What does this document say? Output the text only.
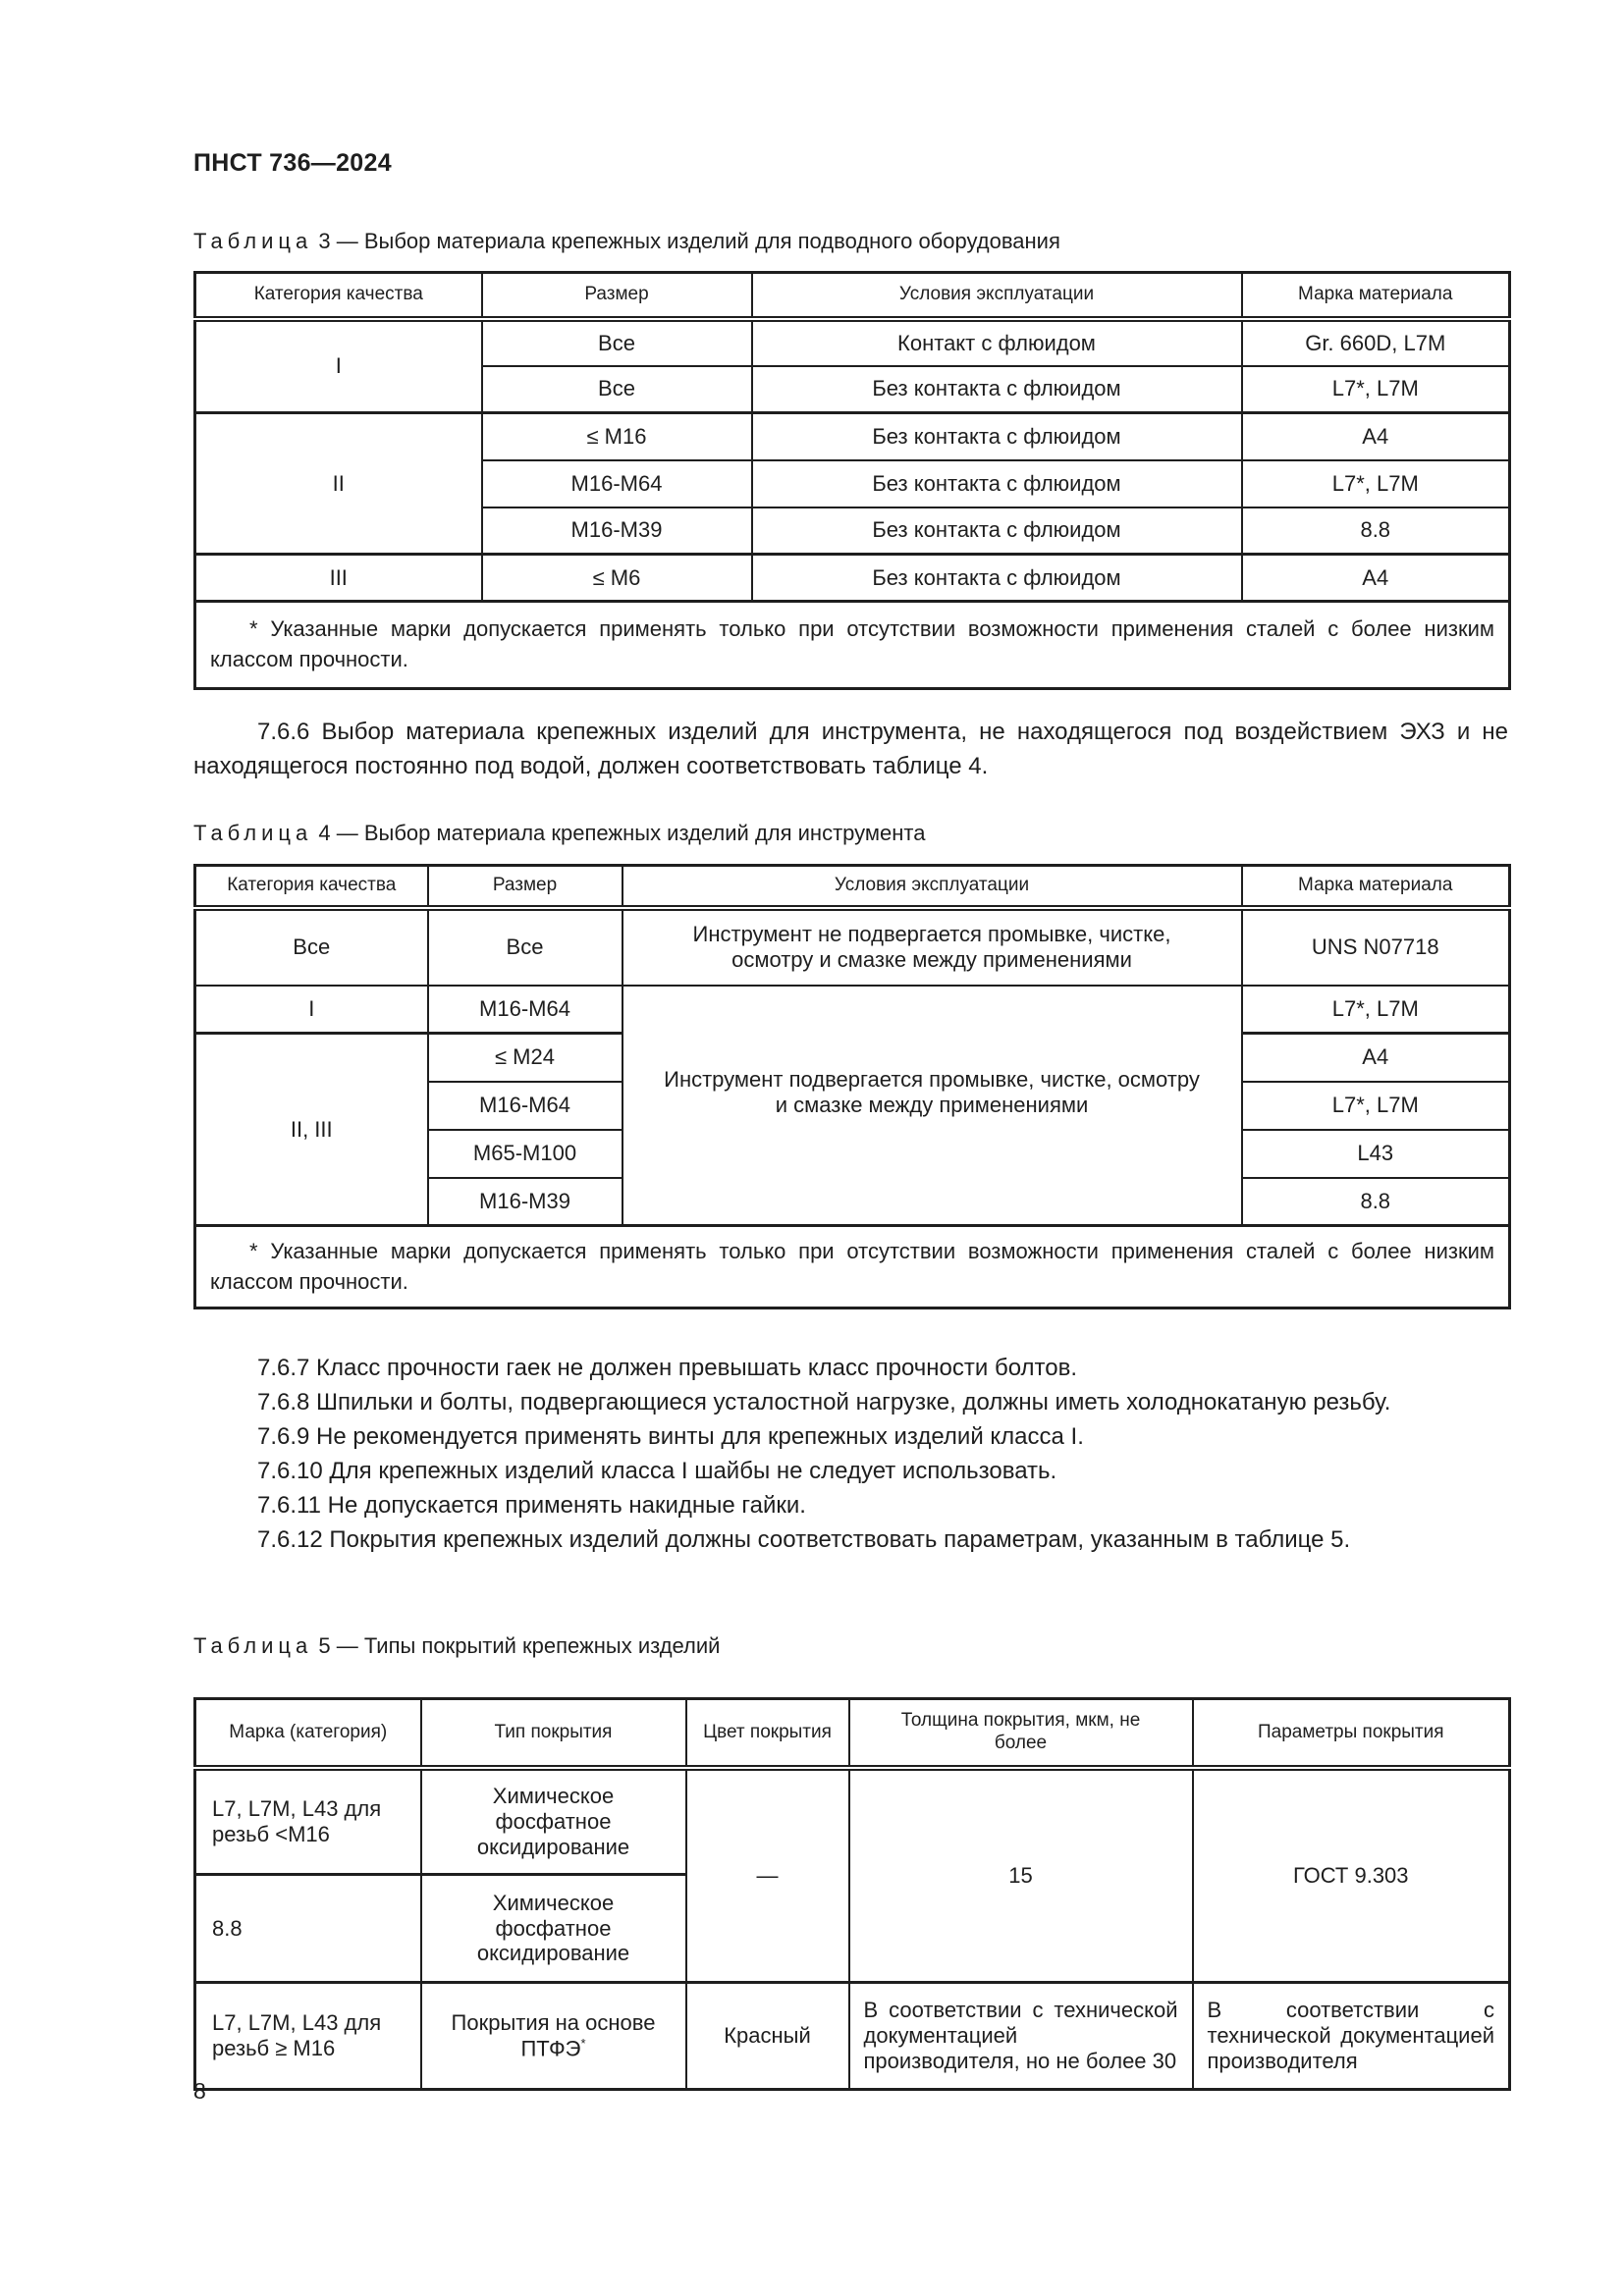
ПНСТ 736—2024
Таблица 3 — Выбор материала крепежных изделий для подводного оборудования
Категория качества	Размер	Условия эксплуатации	Марка материала
I	Все	Контакт с флюидом	Gr. 660D, L7M
	Все	Без контакта с флюидом	L7*, L7M
II	≤ M16	Без контакта с флюидом	A4
	M16-M64	Без контакта с флюидом	L7*, L7M
	M16-M39	Без контакта с флюидом	8.8
III	≤ M6	Без контакта с флюидом	A4
* Указанные марки допускается применять только при отсутствии возможности применения сталей с более низким классом прочности.			
7.6.6 Выбор материала крепежных изделий для инструмента, не находящегося под воздействием ЭХЗ и не находящегося постоянно под водой, должен соответствовать таблице 4.
Таблица 4 — Выбор материала крепежных изделий для инструмента
Категория качества	Размер	Условия эксплуатации	Марка материала
Все	Все	Инструмент не подвергается промывке, чистке, осмотру и смазке между применениями	UNS N07718
I	M16-M64	Инструмент подвергается промывке, чистке, осмотру и смазке между применениями	L7*, L7M
II, III	≤ M24		A4
	M16-M64		L7*, L7M
	M65-M100		L43
	M16-M39		8.8
* Указанные марки допускается применять только при отсутствии возможности применения сталей с более низким классом прочности.			
7.6.7 Класс прочности гаек не должен превышать класс прочности болтов.
7.6.8 Шпильки и болты, подвергающиеся усталостной нагрузке, должны иметь холоднокатаную резьбу.
7.6.9 Не рекомендуется применять винты для крепежных изделий класса I.
7.6.10 Для крепежных изделий класса I шайбы не следует использовать.
7.6.11 Не допускается применять накидные гайки.
7.6.12 Покрытия крепежных изделий должны соответствовать параметрам, указанным в таблице 5.
Таблица 5 — Типы покрытий крепежных изделий
Марка (категория)	Тип покрытия	Цвет покрытия	Толщина покрытия, мкм, не более	Параметры покрытия
L7, L7M, L43 для резьб <M16	Химическое фосфатное оксидирование	—	15	ГОСТ 9.303
8.8	Химическое фосфатное оксидирование			
L7, L7M, L43 для резьб ≥ M16	Покрытия на основе ПТФЭ*	Красный	В соответствии с технической документацией производителя, но не более 30	В соответствии с технической документацией производителя
8
